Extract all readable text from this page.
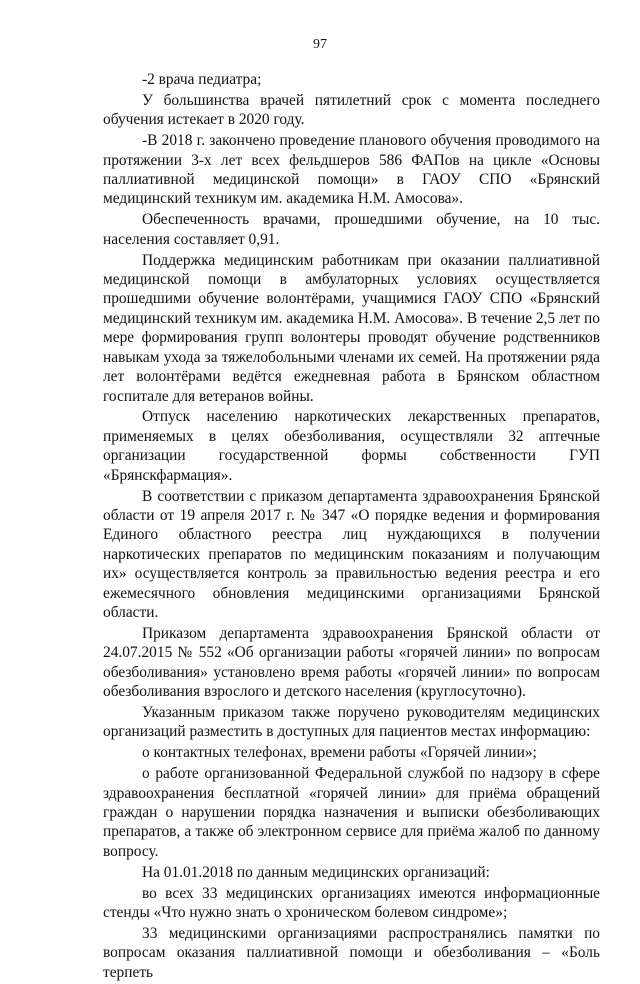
97

-2 врача педиатра;

У большинства врачей пятилетний срок с момента последнего обучения истекает в 2020 году.

-В 2018 г. закончено проведение планового обучения проводимого на протяжении 3-х лет всех фельдшеров 586 ФАПов на цикле «Основы паллиативной медицинской помощи» в ГАОУ СПО «Брянский медицинский техникум им. академика Н.М. Амосова».

Обеспеченность врачами, прошедшими обучение, на 10 тыс. населения составляет 0,91.

Поддержка медицинским работникам при оказании паллиативной медицинской помощи в амбулаторных условиях осуществляется прошедшими обучение волонтёрами, учащимися ГАОУ СПО «Брянский медицинский техникум им. академика Н.М. Амосова». В течение 2,5 лет по мере формирования групп волонтеры проводят обучение родственников навыкам ухода за тяжелобольными членами их семей. На протяжении ряда лет волонтёрами ведётся ежедневная работа в Брянском областном госпитале для ветеранов войны.

Отпуск населению наркотических лекарственных препаратов, применяемых в целях обезболивания, осуществляли 32 аптечные организации государственной формы собственности ГУП «Брянскфармация».

В соответствии с приказом департамента здравоохранения Брянской области от 19 апреля 2017 г. № 347 «О порядке ведения и формирования Единого областного реестра лиц нуждающихся в получении наркотических препаратов по медицинским показаниям и получающим их» осуществляется контроль за правильностью ведения реестра и его ежемесячного обновления медицинскими организациями Брянской области.

Приказом департамента здравоохранения Брянской области от 24.07.2015 № 552 «Об организации работы «горячей линии» по вопросам обезболивания» установлено время работы «горячей линии» по вопросам обезболивания взрослого и детского населения (круглосуточно).

Указанным приказом также поручено руководителям медицинских организаций разместить в доступных для пациентов местах информацию:

о контактных телефонах, времени работы «Горячей линии»;

о работе организованной Федеральной службой по надзору в сфере здравоохранения бесплатной «горячей линии» для приёма обращений граждан о нарушении порядка назначения и выписки обезболивающих препаратов, а также об электронном сервисе для приёма жалоб по данному вопросу.

На 01.01.2018 по данным медицинских организаций:

во всех 33 медицинских организациях имеются информационные стенды «Что нужно знать о хроническом болевом синдроме»;

33 медицинскими организациями распространялись памятки по вопросам оказания паллиативной помощи и обезболивания – «Боль терпеть
